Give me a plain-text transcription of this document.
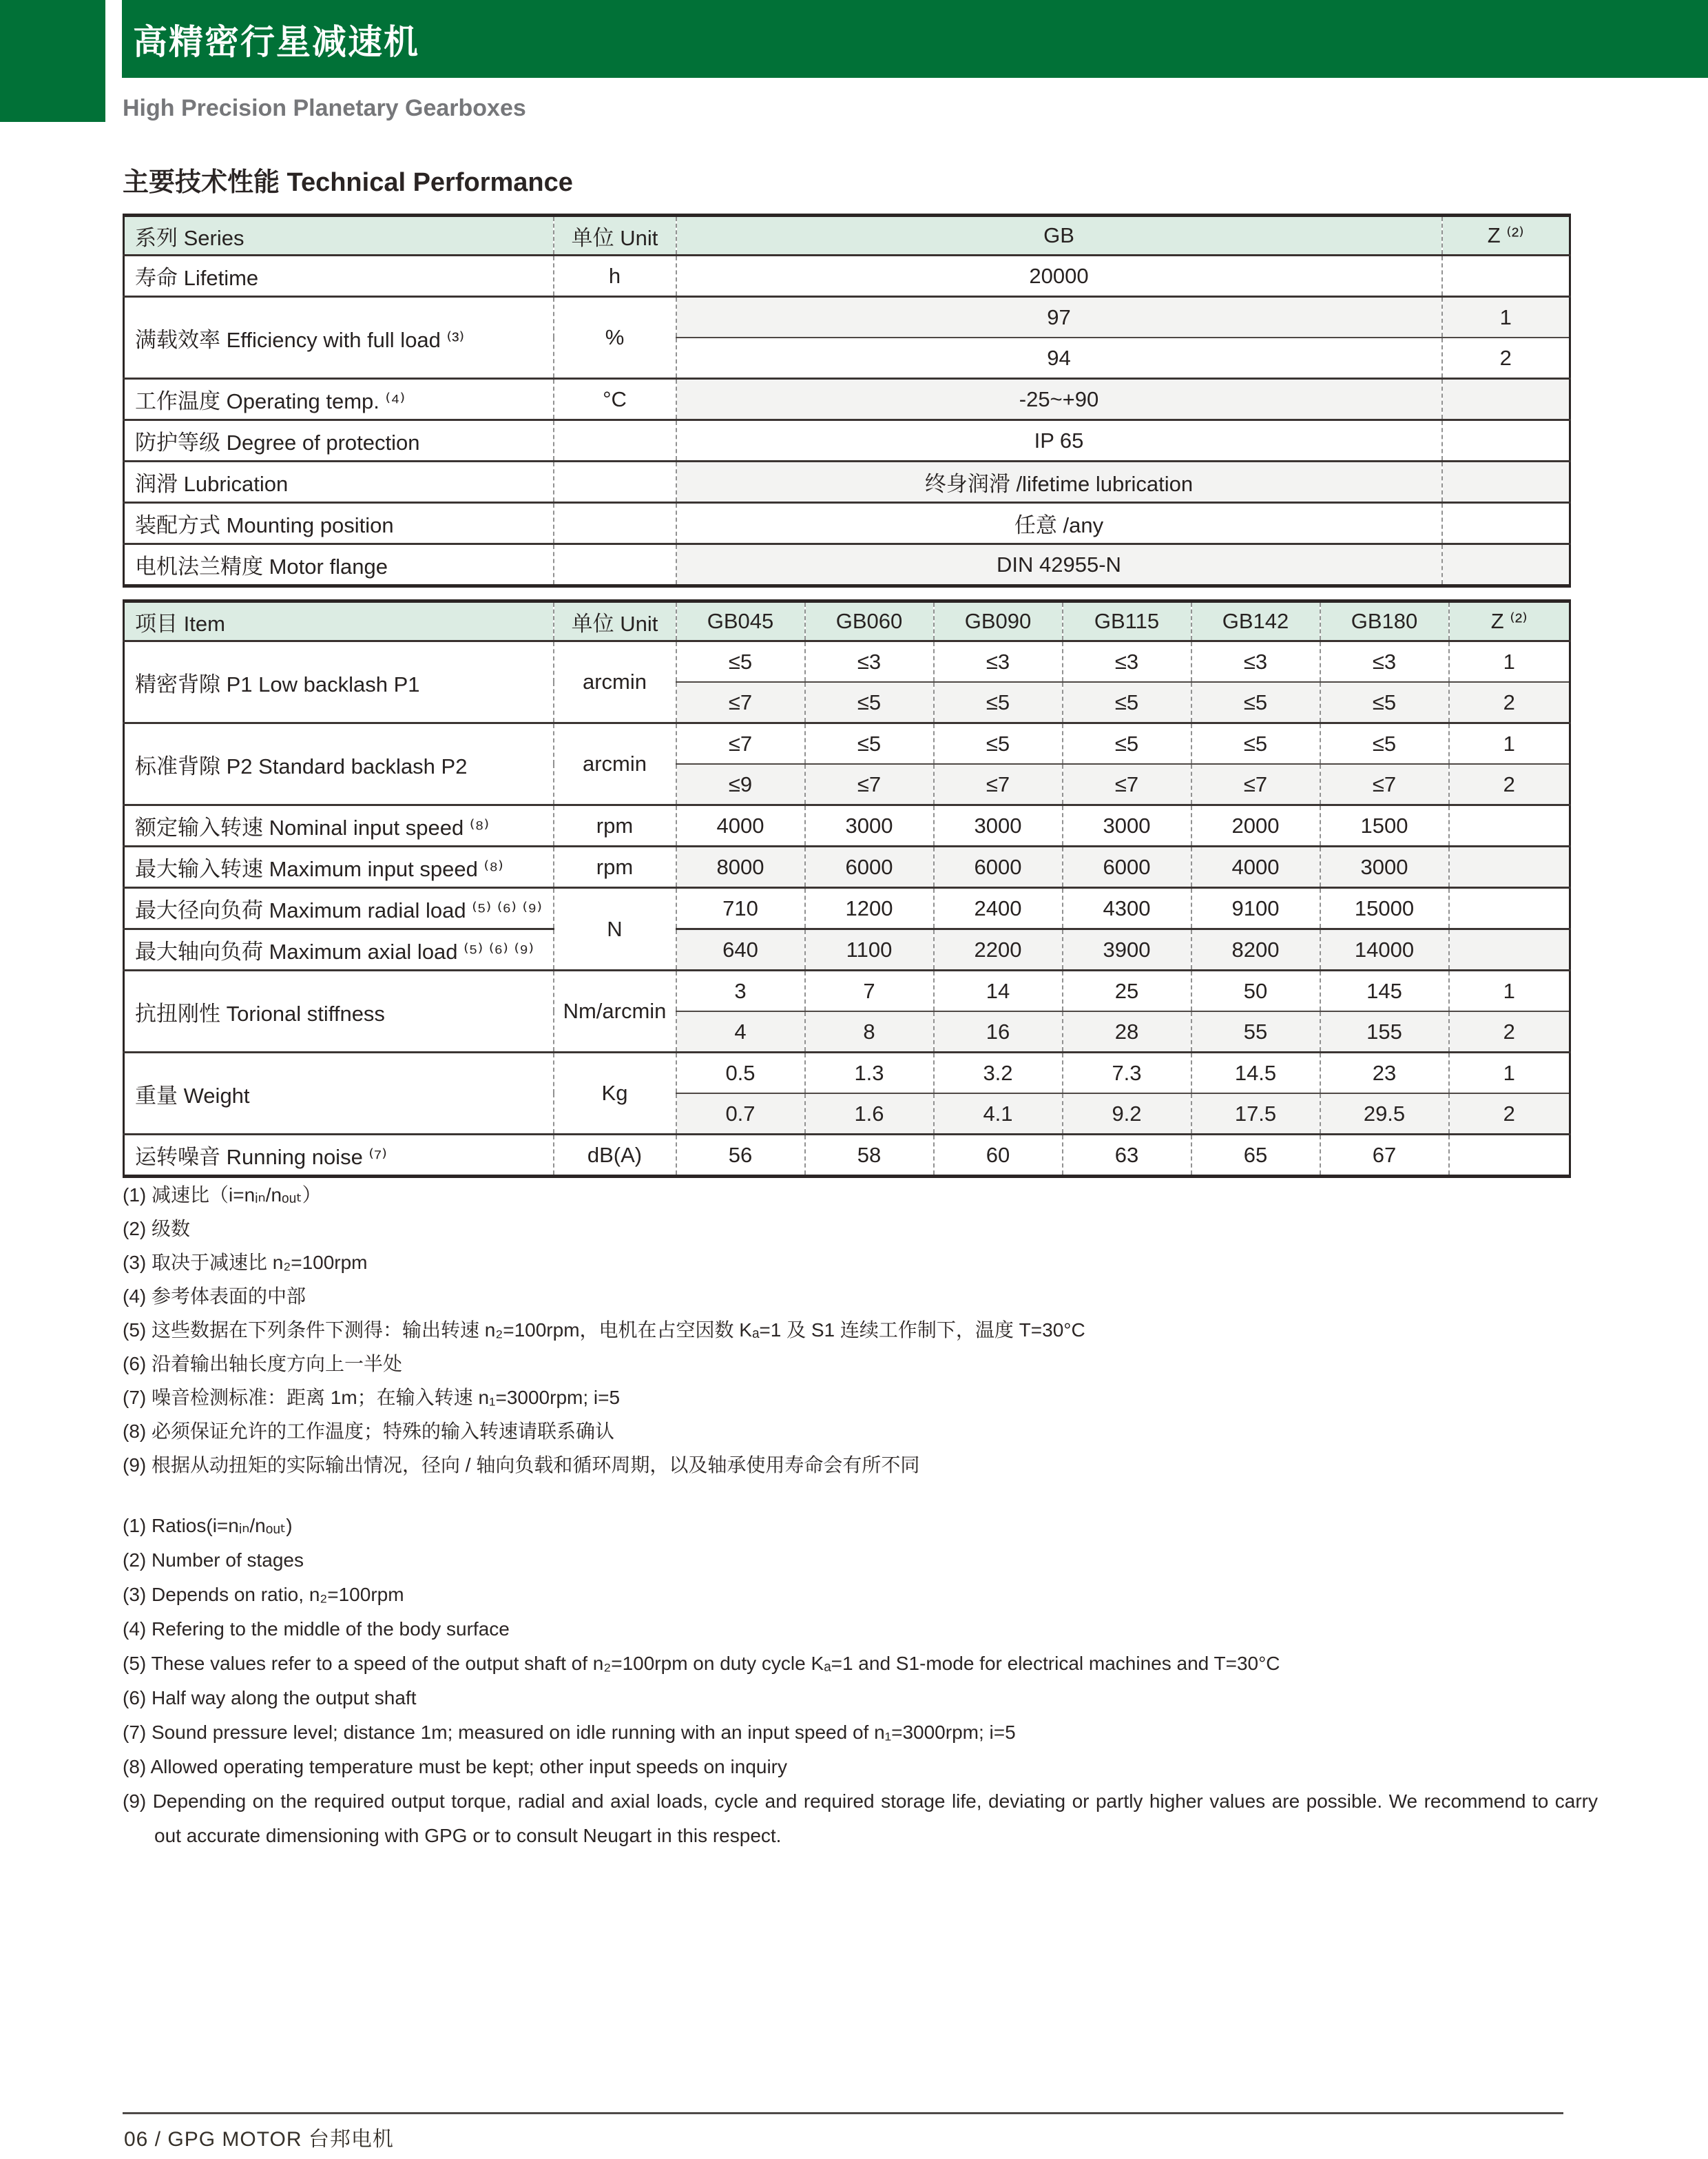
高精密行星减速机
High Precision Planetary Gearboxes
主要技术性能 Technical Performance
系列 Series	单位 Unit	GB	Z ⁽²⁾
寿命 Lifetime	h	20000	
满载效率 Efficiency with full load ⁽³⁾	%	97	1
		94	2
工作温度 Operating temp. ⁽⁴⁾	°C	-25~+90	
防护等级 Degree of protection		IP 65	
润滑 Lubrication		终身润滑 /lifetime lubrication	
装配方式 Mounting position		任意 /any	
电机法兰精度 Motor flange		DIN 42955-N	
项目 Item	单位 Unit	GB045	GB060	GB090	GB115	GB142	GB180	Z ⁽²⁾
精密背隙 P1 Low backlash P1	arcmin	≤5	≤3	≤3	≤3	≤3	≤3	1
		≤7	≤5	≤5	≤5	≤5	≤5	2
标准背隙 P2 Standard backlash P2	arcmin	≤7	≤5	≤5	≤5	≤5	≤5	1
		≤9	≤7	≤7	≤7	≤7	≤7	2
额定输入转速 Nominal input speed ⁽⁸⁾	rpm	4000	3000	3000	3000	2000	1500	
最大输入转速 Maximum input speed ⁽⁸⁾	rpm	8000	6000	6000	6000	4000	3000	
最大径向负荷 Maximum radial load ⁽⁵⁾ ⁽⁶⁾ ⁽⁹⁾	N	710	1200	2400	4300	9100	15000	
最大轴向负荷 Maximum axial load ⁽⁵⁾ ⁽⁶⁾ ⁽⁹⁾		640	1100	2200	3900	8200	14000	
抗扭刚性 Torional stiffness	Nm/arcmin	3	7	14	25	50	145	1
		4	8	16	28	55	155	2
重量 Weight	Kg	0.5	1.3	3.2	7.3	14.5	23	1
		0.7	1.6	4.1	9.2	17.5	29.5	2
运转噪音 Running noise ⁽⁷⁾	dB(A)	56	58	60	63	65	67	

(1) 减速比（i=nᵢₙ/nₒᵤₜ）

(2) 级数

(3) 取决于减速比 n₂=100rpm

(4) 参考体表面的中部

(5) 这些数据在下列条件下测得：输出转速 n₂=100rpm，电机在占空因数 Kₐ=1 及 S1 连续工作制下，温度 T=30°C

(6) 沿着输出轴长度方向上一半处

(7) 噪音检测标准：距离 1m；在输入转速 n₁=3000rpm; i=5

(8) 必须保证允许的工作温度；特殊的输入转速请联系确认

(9) 根据从动扭矩的实际输出情况，径向 / 轴向负载和循环周期，以及轴承使用寿命会有所不同

(1) Ratios(i=nᵢₙ/nₒᵤₜ)

(2) Number of stages

(3) Depends on ratio, n₂=100rpm

(4) Refering to the middle of the body surface

(5) These values refer to a speed of the output shaft of n₂=100rpm on duty cycle Kₐ=1 and S1-mode for electrical machines and T=30°C

(6) Half way along the output shaft

(7) Sound pressure level; distance 1m; measured on idle running with an input speed of n₁=3000rpm; i=5

(8) Allowed operating temperature must be kept; other input speeds on inquiry

(9) Depending on the required output torque, radial and axial loads, cycle and required storage life, deviating or partly higher values are possible. We recommend to carry out accurate dimensioning with GPG or to consult Neugart in this respect.

06 / GPG MOTOR 台邦电机
